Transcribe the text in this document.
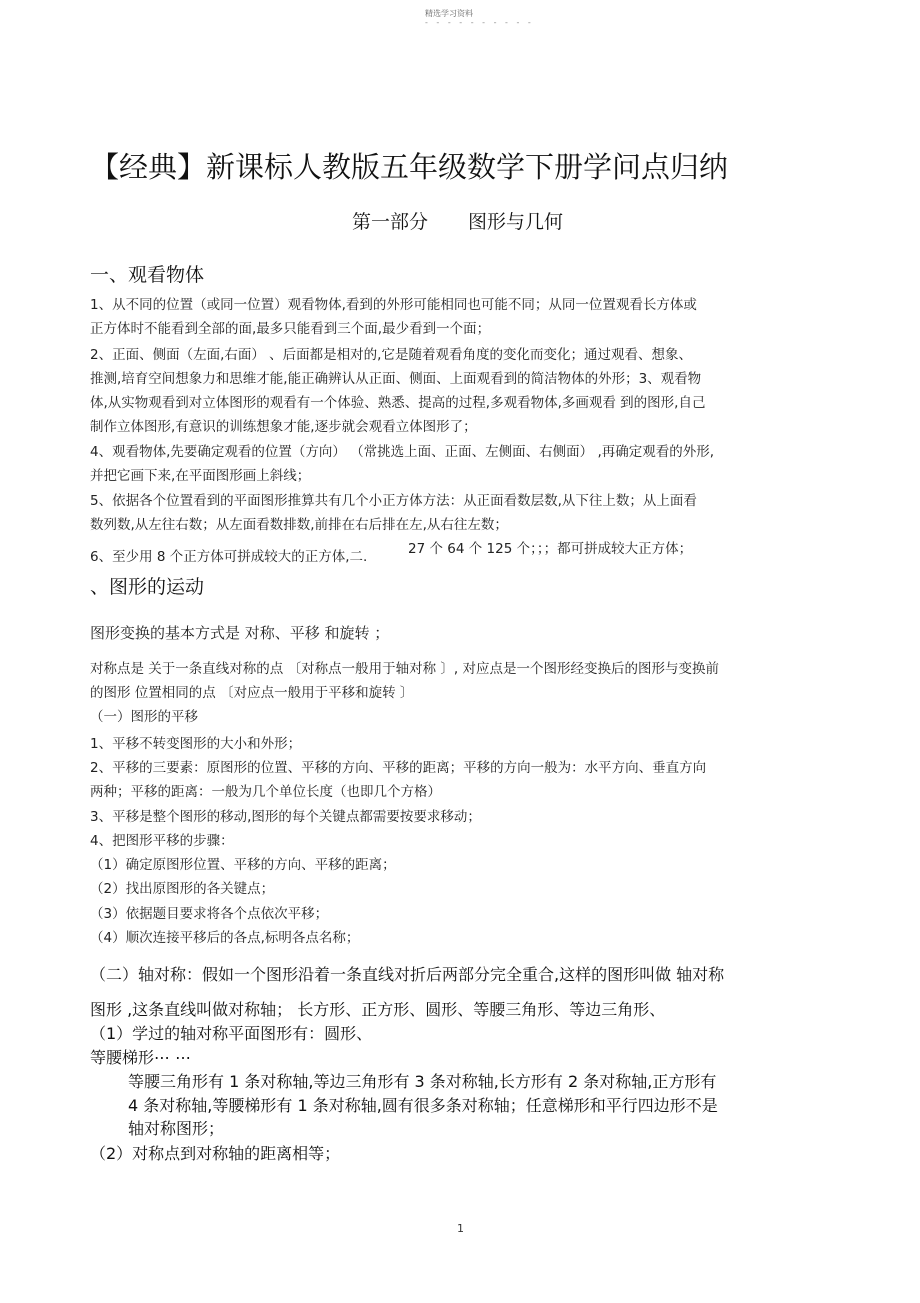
精选学习资料
- - - - - - - - - -
【经典】新课标人教版五年级数学下册学问点归纳
第一部分 图形与几何
一、观看物体
1、从不同的位置（或同一位置）观看物体,看到的外形可能相同也可能不同；从同一位置观看长方体或
正方体时不能看到全部的面,最多只能看到三个面,最少看到一个面；
2、正面、侧面（左面,右面） 、后面都是相对的,它是随着观看角度的变化而变化；通过观看、想象、
推测,培育空间想象力和思维才能,能正确辨认从正面、侧面、上面观看到的简洁物体的外形；3、观看物
体,从实物观看到对立体图形的观看有一个体验、熟悉、提高的过程,多观看物体,多画观看 到的图形,自己
制作立体图形,有意识的训练想象才能,逐步就会观看立体图形了；
4、观看物体,先要确定观看的位置（方向） （常挑选上面、正面、左侧面、右侧面） ,再确定观看的外形,
并把它画下来,在平面图形画上斜线；
5、依据各个位置看到的平面图形推算共有几个小正方体方法：从正面看数层数,从下往上数；从上面看
数列数,从左往右数；从左面看数排数,前排在右后排在左,从右往左数；
6、至少用 8 个正方体可拼成较大的正方体,二.	27 个 64 个 125 个；；；都可拼成较大正方体；
、图形的运动
图形变换的基本方式是 对称、平移 和旋转 ；
对称点是 关于一条直线对称的点 〔对称点一般用于轴对称 〕, 对应点是一个图形经变换后的图形与变换前
的图形 位置相同的点 〔对应点一般用于平移和旋转 〕
（一）图形的平移
1、平移不转变图形的大小和外形；
2、平移的三要素：原图形的位置、平移的方向、平移的距离；平移的方向一般为：水平方向、垂直方向
两种；平移的距离：一般为几个单位长度（也即几个方格）
3、平移是整个图形的移动,图形的每个关键点都需要按要求移动；
4、把图形平移的步骤：
（1）确定原图形位置、平移的方向、平移的距离；
（2）找出原图形的各关键点；
（3）依据题目要求将各个点依次平移；
（4）顺次连接平移后的各点,标明各点名称；
（二）轴对称：假如一个图形沿着一条直线对折后两部分完全重合,这样的图形叫做 轴对称
图形 ,这条直线叫做对称轴； 长方形、正方形、圆形、等腰三角形、等边三角形、
（1）学过的轴对称平面图形有：圆形、
等腰梯形⋯ ⋯
等腰三角形有 1 条对称轴,等边三角形有 3 条对称轴,长方形有 2 条对称轴,正方形有
4 条对称轴,等腰梯形有 1 条对称轴,圆有很多条对称轴；任意梯形和平行四边形不是
轴对称图形；
（2）对称点到对称轴的距离相等；
1
